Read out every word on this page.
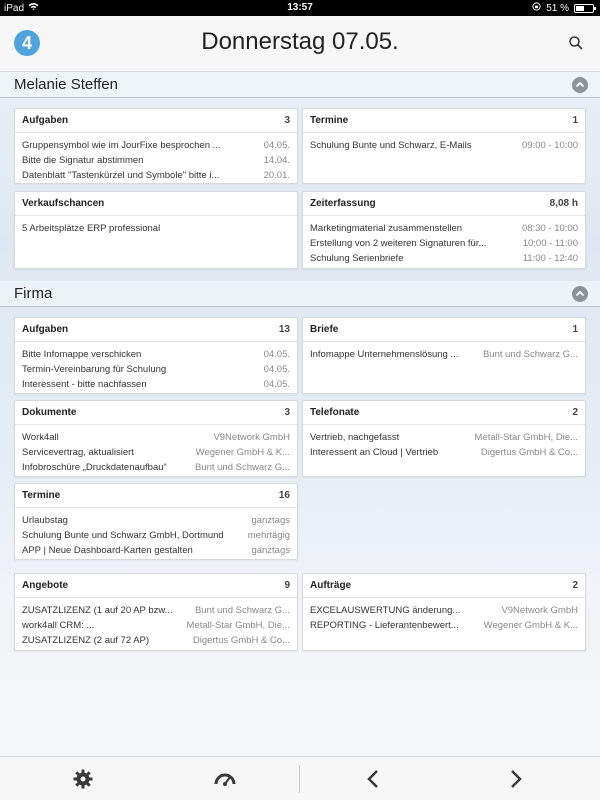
iPad	13:57	51 %
4	Donnerstag 07.05.
Melanie Steffen
Aufgaben	3
Gruppensymbol wie im JourFixe besprochen ...	04.05.
Bitte die Signatur abstimmen	14.04.
Datenblatt "Tastenkürzel und Symbole" bitte i...	20.01.
Termine	1
Schulung Bunte und Schwarz, E-Mails	09:00 - 10:00
Verkaufschancen
5 Arbeitsplätze ERP professional
Zeiterfassung	8,08 h
Marketingmaterial zusammenstellen	08:30 - 10:00
Erstellung von 2 weiteren Signaturen für...	10:00 - 11:00
Schulung Serienbriefe	11:00 - 12:40
Firma
Aufgaben	13
Bitte Infomappe verschicken	04.05.
Termin-Vereinbarung für Schulung	04.05.
Interessent - bitte nachfassen	04.05.
Briefe	1
Infomappe Unternehmenslösung ...	Bunt und Schwarz G...
Dokumente	3
Work4all	V9Network GmbH
Servicevertrag, aktualisiert	Wegener GmbH & K...
Infobroschüre „Druckdatenaufbau“	Bunt und Schwarz G...
Telefonate	2
Vertrieb, nachgefasst	Metall-Star GmbH, Die...
Interessent an Cloud | Vertrieb	Digertus GmbH & Co...
Termine	16
Urlaubstag	ganztags
Schulung Bunte und Schwarz GmbH, Dortmund	mehrtägig
APP | Neue Dashboard-Karten gestalten	ganztags
Angebote	9
ZUSATZLIZENZ (1 auf 20 AP bzw...	Bunt und Schwarz G...
work4all CRM: ...	Metall-Star GmbH, Die...
ZUSATZLIZENZ (2 auf 72 AP)	Digertus GmbH & Co...
Aufträge	2
EXCELAUSWERTUNG änderung...	V9Network GmbH
REPORTING - Lieferantenbewert...	Wegener GmbH & K...
